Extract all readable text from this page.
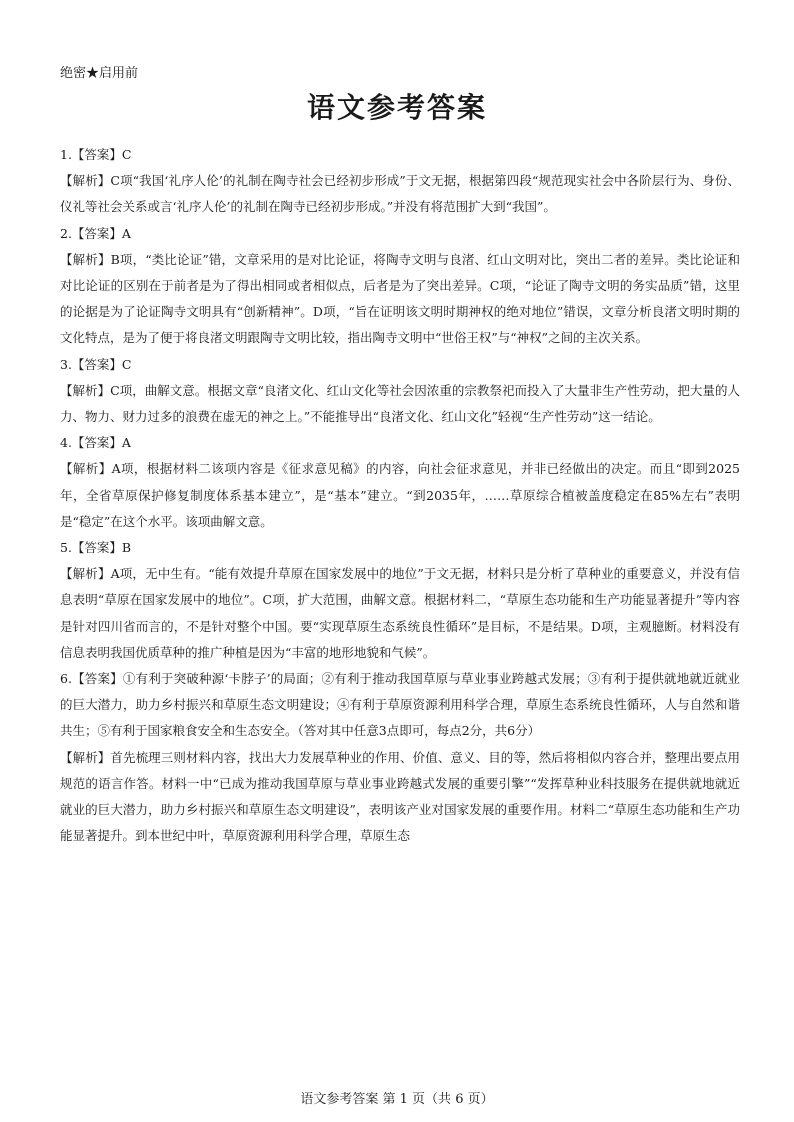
绝密★启用前
语文参考答案

1.【答案】C

【解析】C项“我国‘礼序人伦’的礼制在陶寺社会已经初步形成”于文无据，根据第四段“规范现实社会中各阶层行为、身份、仪礼等社会关系或言‘礼序人伦’的礼制在陶寺已经初步形成。”并没有将范围扩大到“我国”。

2.【答案】A

【解析】B项，“类比论证”错，文章采用的是对比论证，将陶寺文明与良渚、红山文明对比，突出二者的差异。类比论证和对比论证的区别在于前者是为了得出相同或者相似点，后者是为了突出差异。C项，“论证了陶寺文明的务实品质”错，这里的论据是为了论证陶寺文明具有“创新精神”。D项，“旨在证明该文明时期神权的绝对地位”错误，文章分析良渚文明时期的文化特点，是为了便于将良渚文明跟陶寺文明比较，指出陶寺文明中“世俗王权”与“神权”之间的主次关系。

3.【答案】C

【解析】C项，曲解文意。根据文章“良渚文化、红山文化等社会因浓重的宗教祭祀而投入了大量非生产性劳动，把大量的人力、物力、财力过多的浪费在虚无的神之上。”不能推导出“良渚文化、红山文化”轻视“生产性劳动”这一结论。

4.【答案】A

【解析】A项，根据材料二该项内容是《征求意见稿》的内容，向社会征求意见，并非已经做出的决定。而且“即到2025年，全省草原保护修复制度体系基本建立”，是“基本”建立。“到2035年，……草原综合植被盖度稳定在85%左右”表明是“稳定”在这个水平。该项曲解文意。

5.【答案】B

【解析】A项，无中生有。“能有效提升草原在国家发展中的地位”于文无据，材料只是分析了草种业的重要意义，并没有信息表明“草原在国家发展中的地位”。C项，扩大范围，曲解文意。根据材料二，“草原生态功能和生产功能显著提升”等内容是针对四川省而言的，不是针对整个中国。要“实现草原生态系统良性循环”是目标，不是结果。D项，主观臆断。材料没有信息表明我国优质草种的推广种植是因为“丰富的地形地貌和气候”。

6.【答案】①有利于突破种源‘卡脖子’的局面；②有利于推动我国草原与草业事业跨越式发展；③有利于提供就地就近就业的巨大潜力，助力乡村振兴和草原生态文明建设；④有利于草原资源利用科学合理，草原生态系统良性循环，人与自然和谐共生；⑤有利于国家粮食安全和生态安全。（答对其中任意3点即可，每点2分，共6分）

【解析】首先梳理三则材料内容，找出大力发展草种业的作用、价值、意义、目的等，然后将相似内容合并，整理出要点用规范的语言作答。材料一中“已成为推动我国草原与草业事业跨越式发展的重要引擎”“发挥草种业科技服务在提供就地就近就业的巨大潜力，助力乡村振兴和草原生态文明建设”，表明该产业对国家发展的重要作用。材料二“草原生态功能和生产功能显著提升。到本世纪中叶，草原资源利用科学合理，草原生态

语文参考答案 第 1 页（共 6 页）
